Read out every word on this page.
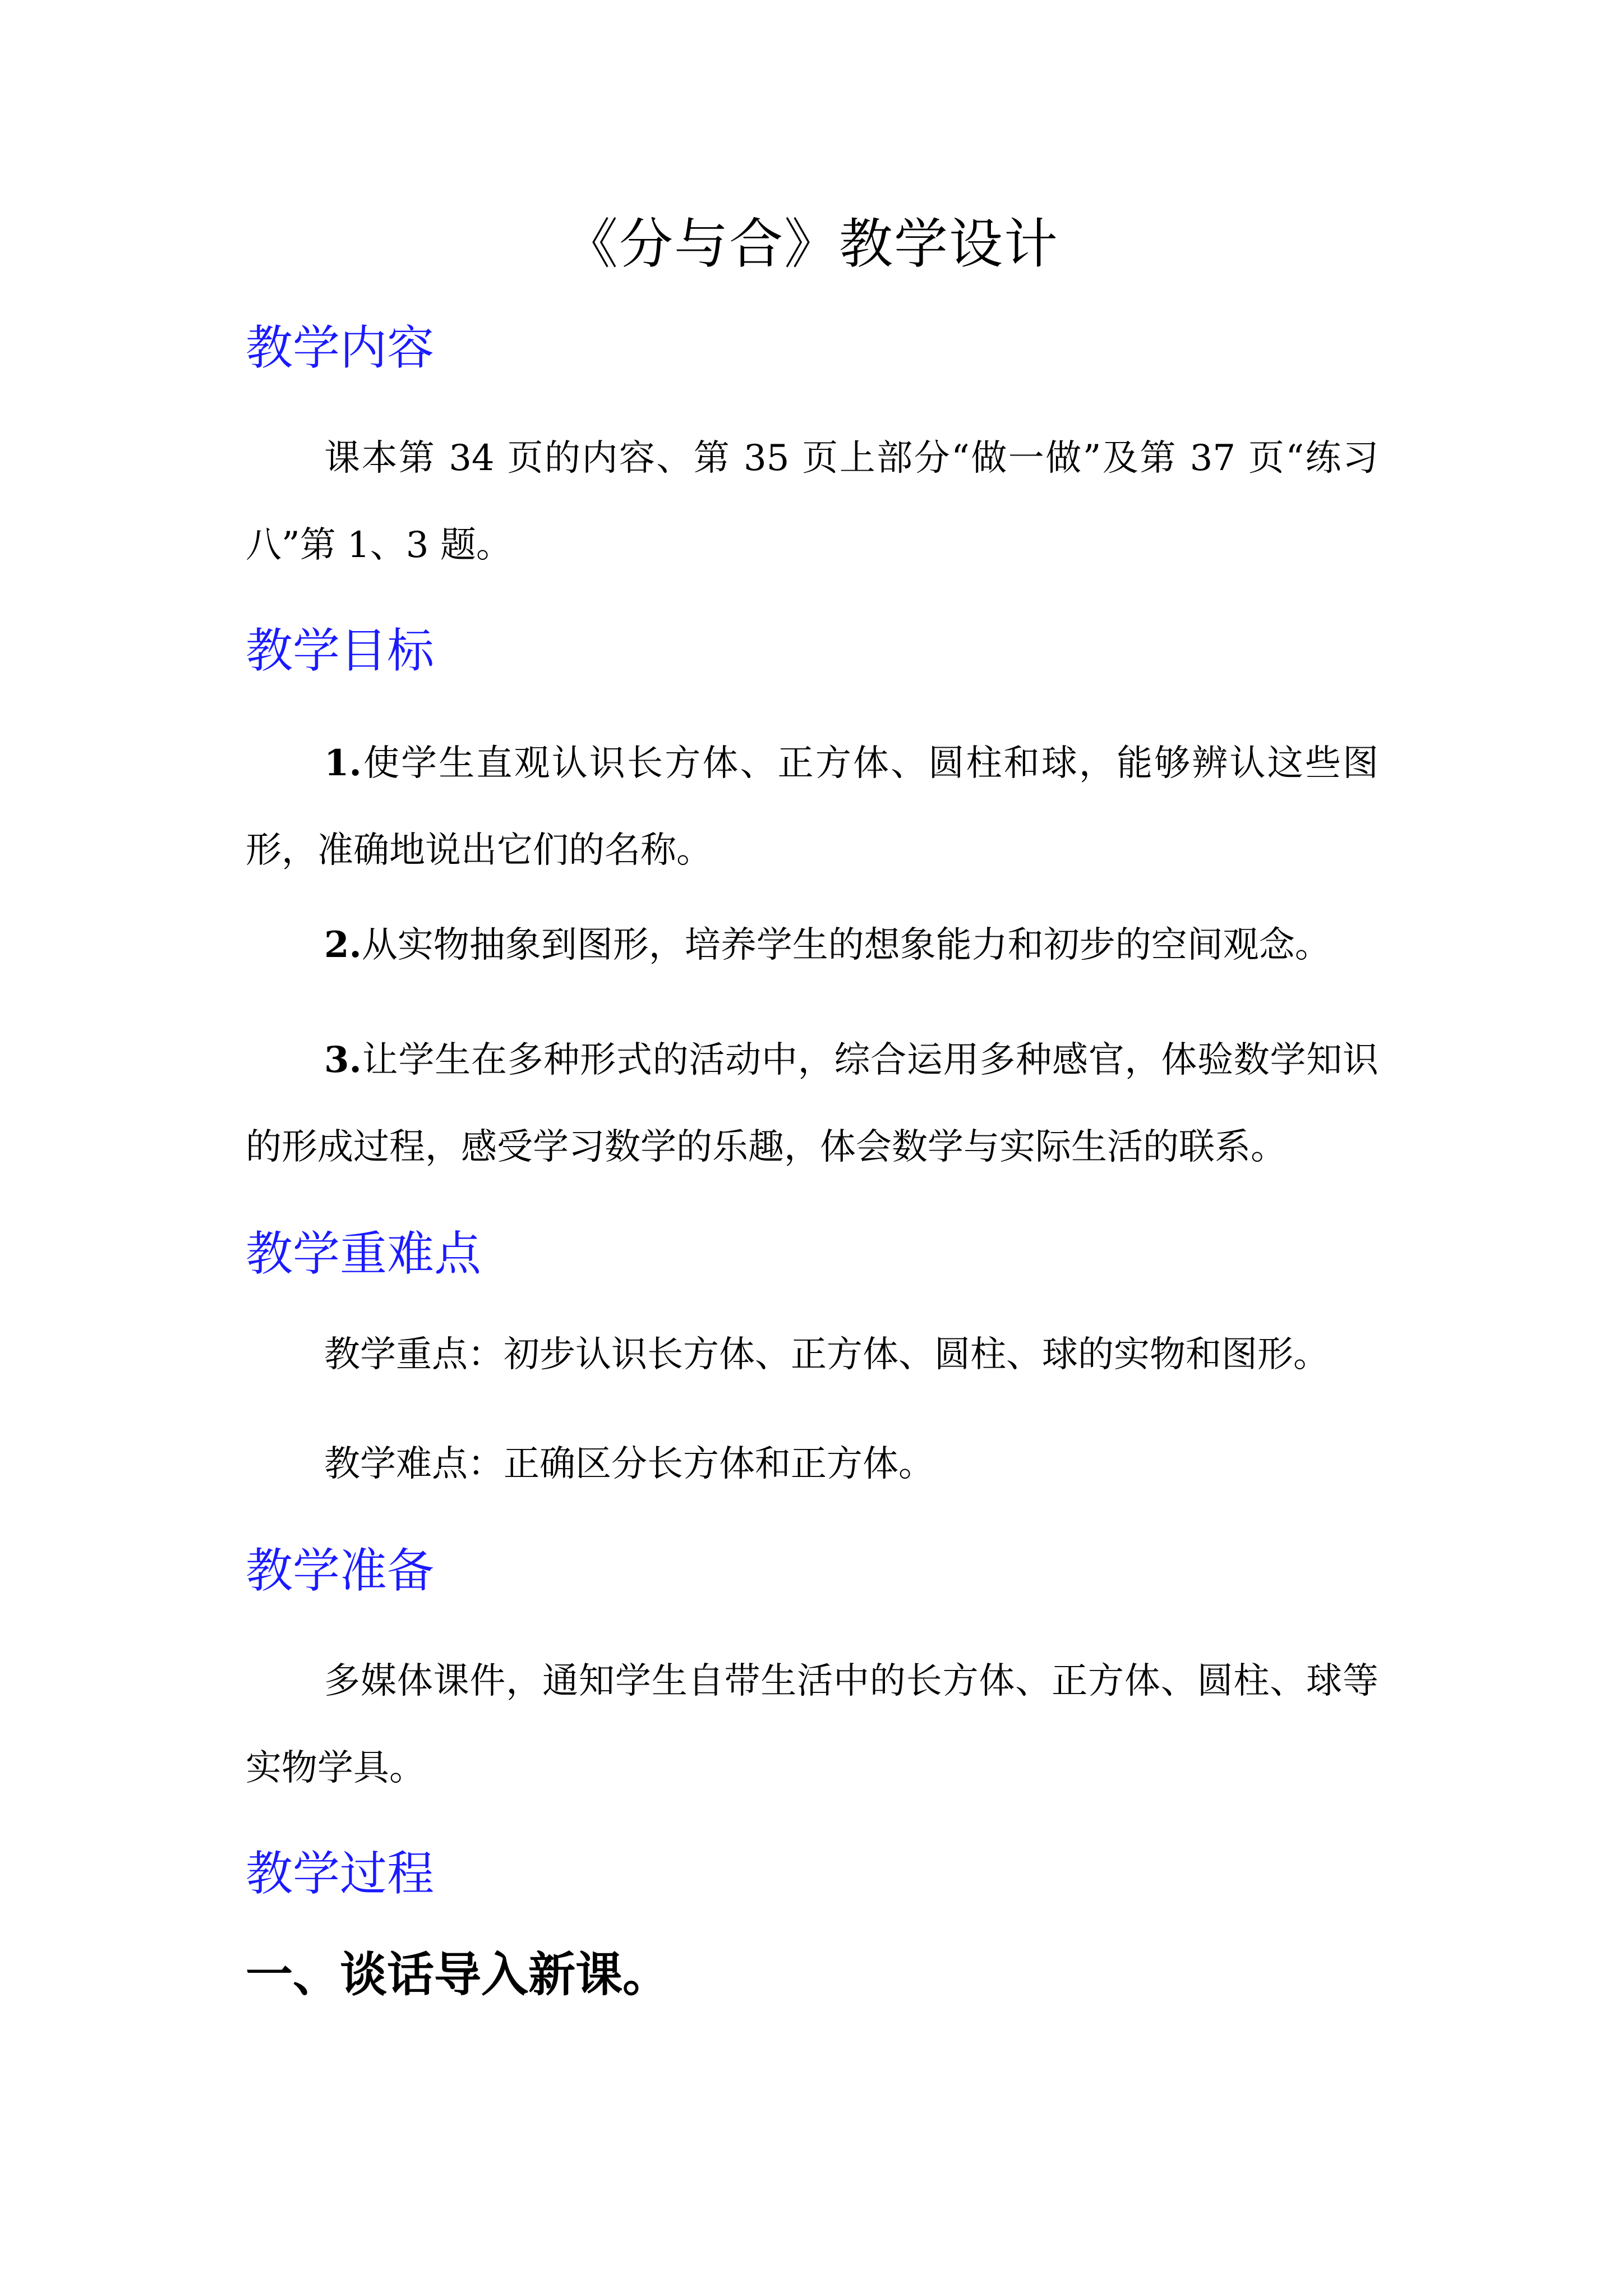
《分与合》教学设计
教学内容

课本第 34 页的内容、第 35 页上部分“做一做”及第 37 页“练习八”第 1、3 题。

教学目标

1.使学生直观认识长方体、正方体、圆柱和球，能够辨认这些图形，准确地说出它们的名称。

2.从实物抽象到图形，培养学生的想象能力和初步的空间观念。

3.让学生在多种形式的活动中，综合运用多种感官，体验数学知识的形成过程，感受学习数学的乐趣，体会数学与实际生活的联系。

教学重难点

教学重点：初步认识长方体、正方体、圆柱、球的实物和图形。

教学难点：正确区分长方体和正方体。

教学准备

多媒体课件，通知学生自带生活中的长方体、正方体、圆柱、球等实物学具。

教学过程
一、谈话导入新课。
